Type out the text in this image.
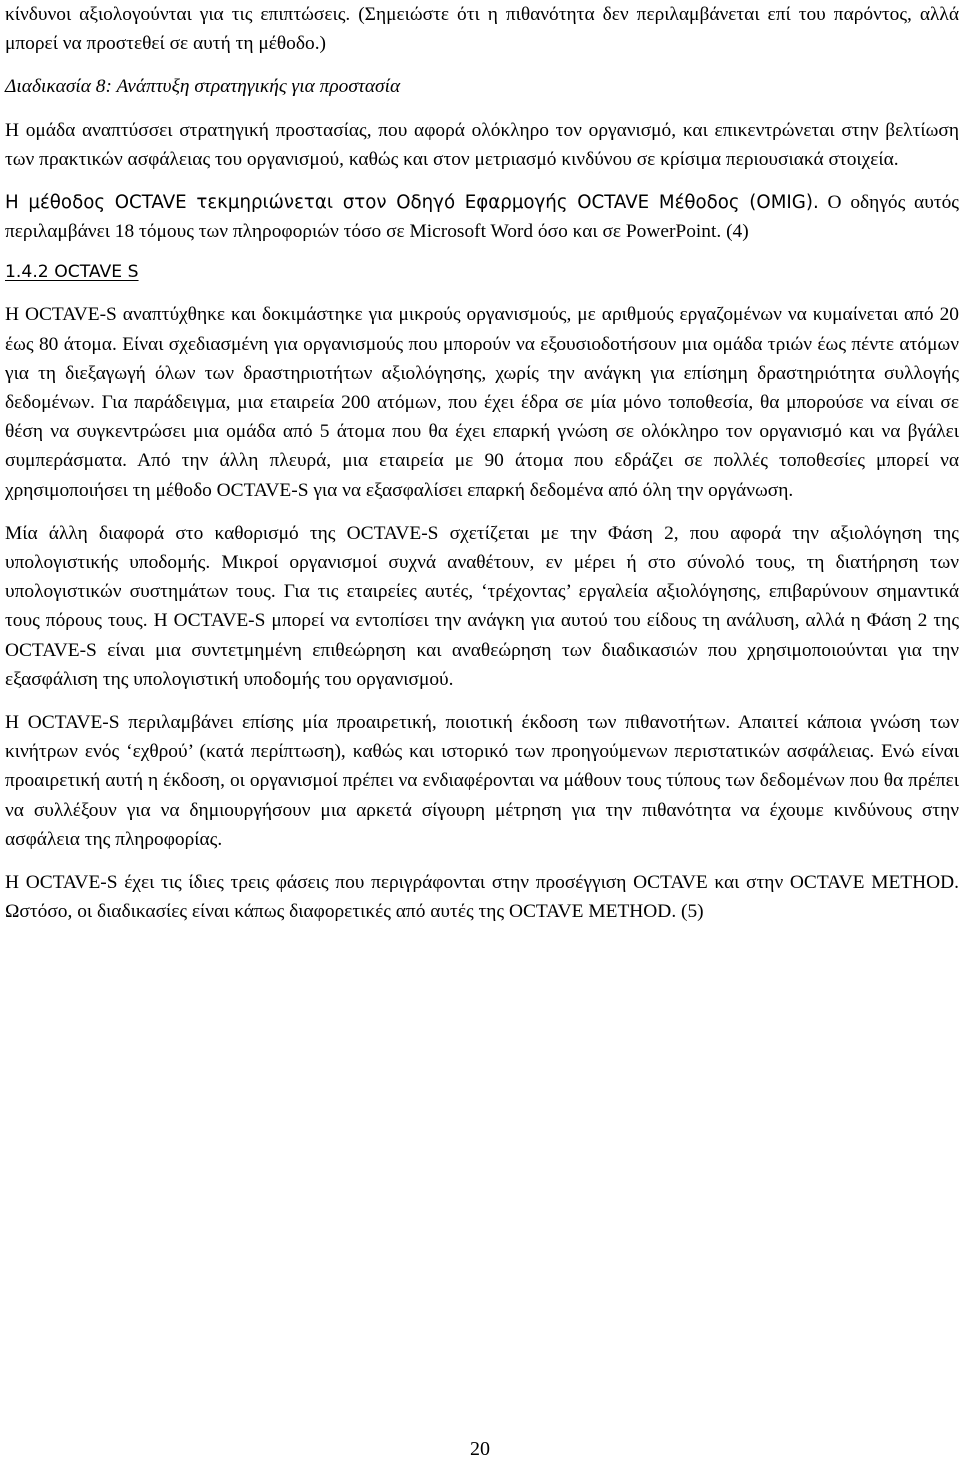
κίνδυνοι αξιολογούνται για τις επιπτώσεις. (Σημειώστε ότι η πιθανότητα δεν περιλαμβάνεται επί του παρόντος, αλλά μπορεί να προστεθεί σε αυτή τη μέθοδο.)

Διαδικασία 8: Ανάπτυξη στρατηγικής για προστασία

Η ομάδα αναπτύσσει στρατηγική προστασίας, που αφορά ολόκληρο τον οργανισμό, και επικεντρώνεται στην βελτίωση των πρακτικών ασφάλειας του οργανισμού, καθώς και στον μετριασμό κινδύνου σε κρίσιμα περιουσιακά στοιχεία.

Η μέθοδος OCTAVE τεκμηριώνεται στον Οδηγό Εφαρμογής OCTAVE Μέθοδος (OMIG). Ο οδηγός αυτός περιλαμβάνει 18 τόμους των πληροφοριών τόσο σε Microsoft Word όσο και σε PowerPoint. (4)

1.4.2 OCTAVE S

Η OCTAVE-S αναπτύχθηκε και δοκιμάστηκε για μικρούς οργανισμούς, με αριθμούς εργαζομένων να κυμαίνεται από 20 έως 80 άτομα. Είναι σχεδιασμένη για οργανισμούς που μπορούν να εξουσιοδοτήσουν μια ομάδα τριών έως πέντε ατόμων για τη διεξαγωγή όλων των δραστηριοτήτων αξιολόγησης, χωρίς την ανάγκη για επίσημη δραστηριότητα συλλογής δεδομένων. Για παράδειγμα, μια εταιρεία 200 ατόμων, που έχει έδρα σε μία μόνο τοποθεσία, θα μπορούσε να είναι σε θέση να συγκεντρώσει μια ομάδα από 5 άτομα που θα έχει επαρκή γνώση σε ολόκληρο τον οργανισμό και να βγάλει συμπεράσματα. Από την άλλη πλευρά, μια εταιρεία με 90 άτομα που εδράζει σε πολλές τοποθεσίες μπορεί να χρησιμοποιήσει τη μέθοδο OCTAVE-S για να εξασφαλίσει επαρκή δεδομένα από όλη την οργάνωση.

Μία άλλη διαφορά στο καθορισμό της OCTAVE-S σχετίζεται με την Φάση 2, που αφορά την αξιολόγηση της υπολογιστικής υποδομής. Μικροί οργανισμοί συχνά αναθέτουν, εν μέρει ή στο σύνολό τους, τη διατήρηση των υπολογιστικών συστημάτων τους. Για τις εταιρείες αυτές, ‘τρέχοντας’ εργαλεία αξιολόγησης, επιβαρύνουν σημαντικά τους πόρους τους. Η OCTAVE-S μπορεί να εντοπίσει την ανάγκη για αυτού του είδους τη ανάλυση, αλλά η Φάση 2 της OCTAVE-S είναι μια συντετμημένη επιθεώρηση και αναθεώρηση των διαδικασιών που χρησιμοποιούνται για την εξασφάλιση της υπολογιστική υποδομής του οργανισμού.

Η OCTAVE-S περιλαμβάνει επίσης μία προαιρετική, ποιοτική έκδοση των πιθανοτήτων. Απαιτεί κάποια γνώση των κινήτρων ενός ‘εχθρού’ (κατά περίπτωση), καθώς και ιστορικό των προηγούμενων περιστατικών ασφάλειας. Ενώ είναι προαιρετική αυτή η έκδοση, οι οργανισμοί πρέπει να ενδιαφέρονται να μάθουν τους τύπους των δεδομένων που θα πρέπει να συλλέξουν για να δημιουργήσουν μια αρκετά σίγουρη μέτρηση για την πιθανότητα να έχουμε κινδύνους στην ασφάλεια της πληροφορίας.

Η OCTAVE-S έχει τις ίδιες τρεις φάσεις που περιγράφονται στην προσέγγιση OCTAVE και στην OCTAVE METHOD. Ωστόσο, οι διαδικασίες είναι κάπως διαφορετικές από αυτές της OCTAVE METHOD. (5)

20
